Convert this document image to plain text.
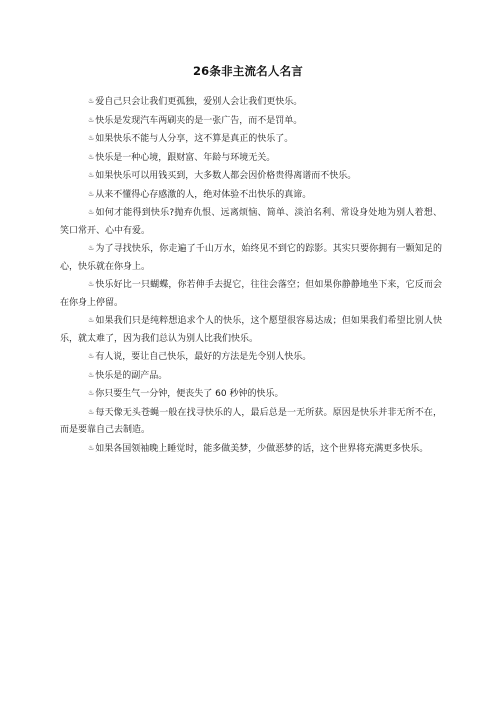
26条非主流名人名言

♨爱自己只会让我们更孤独，爱别人会让我们更快乐。

♨快乐是发现汽车两刷夹的是一张广告，而不是罚单。

♨如果快乐不能与人分享，这不算是真正的快乐了。

♨快乐是一种心境，跟财富、年龄与环境无关。

♨如果快乐可以用钱买到，大多数人都会因价格贵得离谱而不快乐。

♨从来不懂得心存感激的人，绝对体验不出快乐的真谛。

♨如何才能得到快乐?抛弃仇恨、远离烦恼、简单、淡泊名利、常设身处地为别人着想、笑口常开、心中有爱。

♨为了寻找快乐，你走遍了千山万水，始终见不到它的踪影。其实只要你拥有一颗知足的心，快乐就在你身上。

♨快乐好比一只蝴蝶，你若伸手去捉它，往往会落空；但如果你静静地坐下来，它反而会在你身上停留。

♨如果我们只是纯粹想追求个人的快乐，这个愿望很容易达成；但如果我们希望比别人快乐，就太难了，因为我们总认为别人比我们快乐。

♨有人说，要让自己快乐，最好的方法是先令别人快乐。

♨快乐是的副产品。

♨你只要生气一分钟，便丧失了 60 秒钟的快乐。

♨每天像无头苍蝇一般在找寻快乐的人，最后总是一无所获。原因是快乐并非无所不在，而是要靠自己去制造。

♨如果各国领袖晚上睡觉时，能多做美梦，少做恶梦的话，这个世界将充满更多快乐。
